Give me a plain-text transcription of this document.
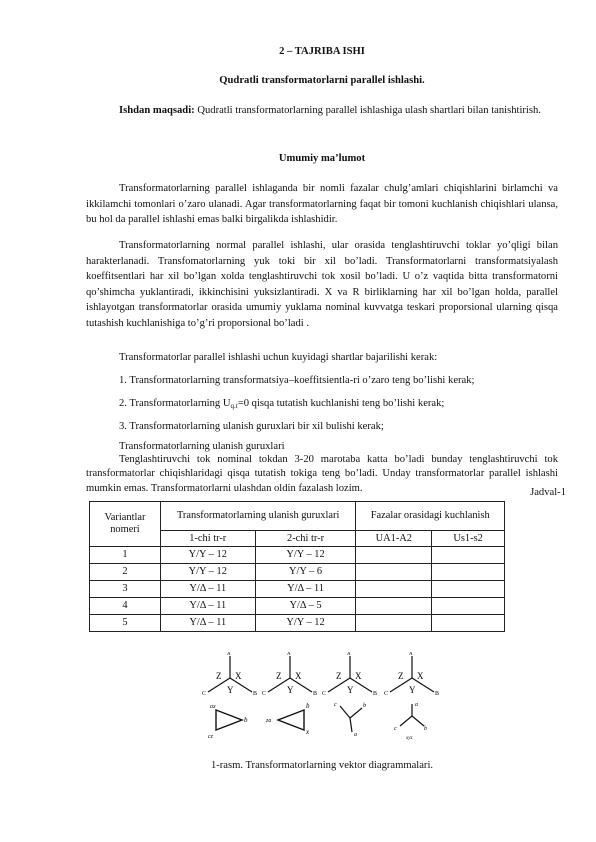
2 – TAJRIBA ISHI
Qudratli transformatorlarni parallel ishlashi.
Ishdan maqsadi: Qudratli transformatorlarning parallel ishlashiga ulash shartlari bilan tanishtirish.
Umumiy ma’lumot
Transformatorlarning parallel ishlaganda bir nomli fazalar chulg’amlari chiqishlarini birlamchi va ikkilamchi tomonlari o’zaro ulanadi. Agar transformatorlarning faqat bir tomoni kuchlanish chiqishlari ulansa, bu hol da parallel ishlashi emas balki birgalikda ishlashidir.
Transformatorlarning normal parallel ishlashi, ular orasida tenglashtiruvchi toklar yo’qligi bilan harakterlanadi. Transfomatorlarning yuk toki bir xil bo’ladi. Transformatorlarni transformatsiyalash koeffitsentlari har xil bo’lgan xolda tenglashtiruvchi tok xosil bo’ladi. U o’z vaqtida bitta transformatorni qo’shimcha yuklantiradi, ikkinchisini yuksizlantiradi. X va R birliklarning har xil bo’lgan holda, parallel ishlayotgan transformatorlar orasida umumiy yuklama nominal kuvvatga teskari proporsional ularning qisqa tutashish kuchlanishiga to’g’ri proporsional bo’ladi .
Transformatorlar parallel ishlashi uchun kuyidagi shartlar bajarilishi kerak:
1. Transformatorlarning transformatsiya–koeffitsientla-ri o’zaro teng bo’lishi kerak;
2. Transformatorlarning $U_{q.t}=0$ qisqa tutatish kuchlanishi teng bo’lishi kerak;
3. Transformatorlarning ulanish guruxlari bir xil bulishi kerak;
Transformatorlarning ulanish guruxlari
Tenglashtiruvchi tok nominal tokdan 3-20 marotaba katta bo’ladi bunday tenglashtiruvchi tok transformatorlar chiqishlaridagi qisqa tutatish tokiga teng bo’ladi. Unday transformatorlar parallel ishlashi mumkin emas. Transformatorlarni ulashdan oldin fazalash lozim.	Jadval-1
Variantlar nomeri	Transformatorlarning ulanish guruxlari		Fazalar orasidagi kuchlanish	
	1-chi tr-r	2-chi tr-r	UA1-A2	Us1-s2
1	Y/Y – 12	Y/Y – 12		
2	Y/Y – 12	Y/Y – 6		
3	Y/Δ – 11	Y/Δ – 11		
4	Y/Δ – 11	Y/Δ – 5		
5	Y/Δ – 11	Y/Y – 12		
A
C	B
Z X
Y
ax
b
cz
A
C	B
Z X
Y
za
b
x
A
C	B
Z X
Y
c	b
a
A
C	B
Z X
Y
a
c	b
xyz
1-rasm. Transformatorlarning vektor diagrammalari.
